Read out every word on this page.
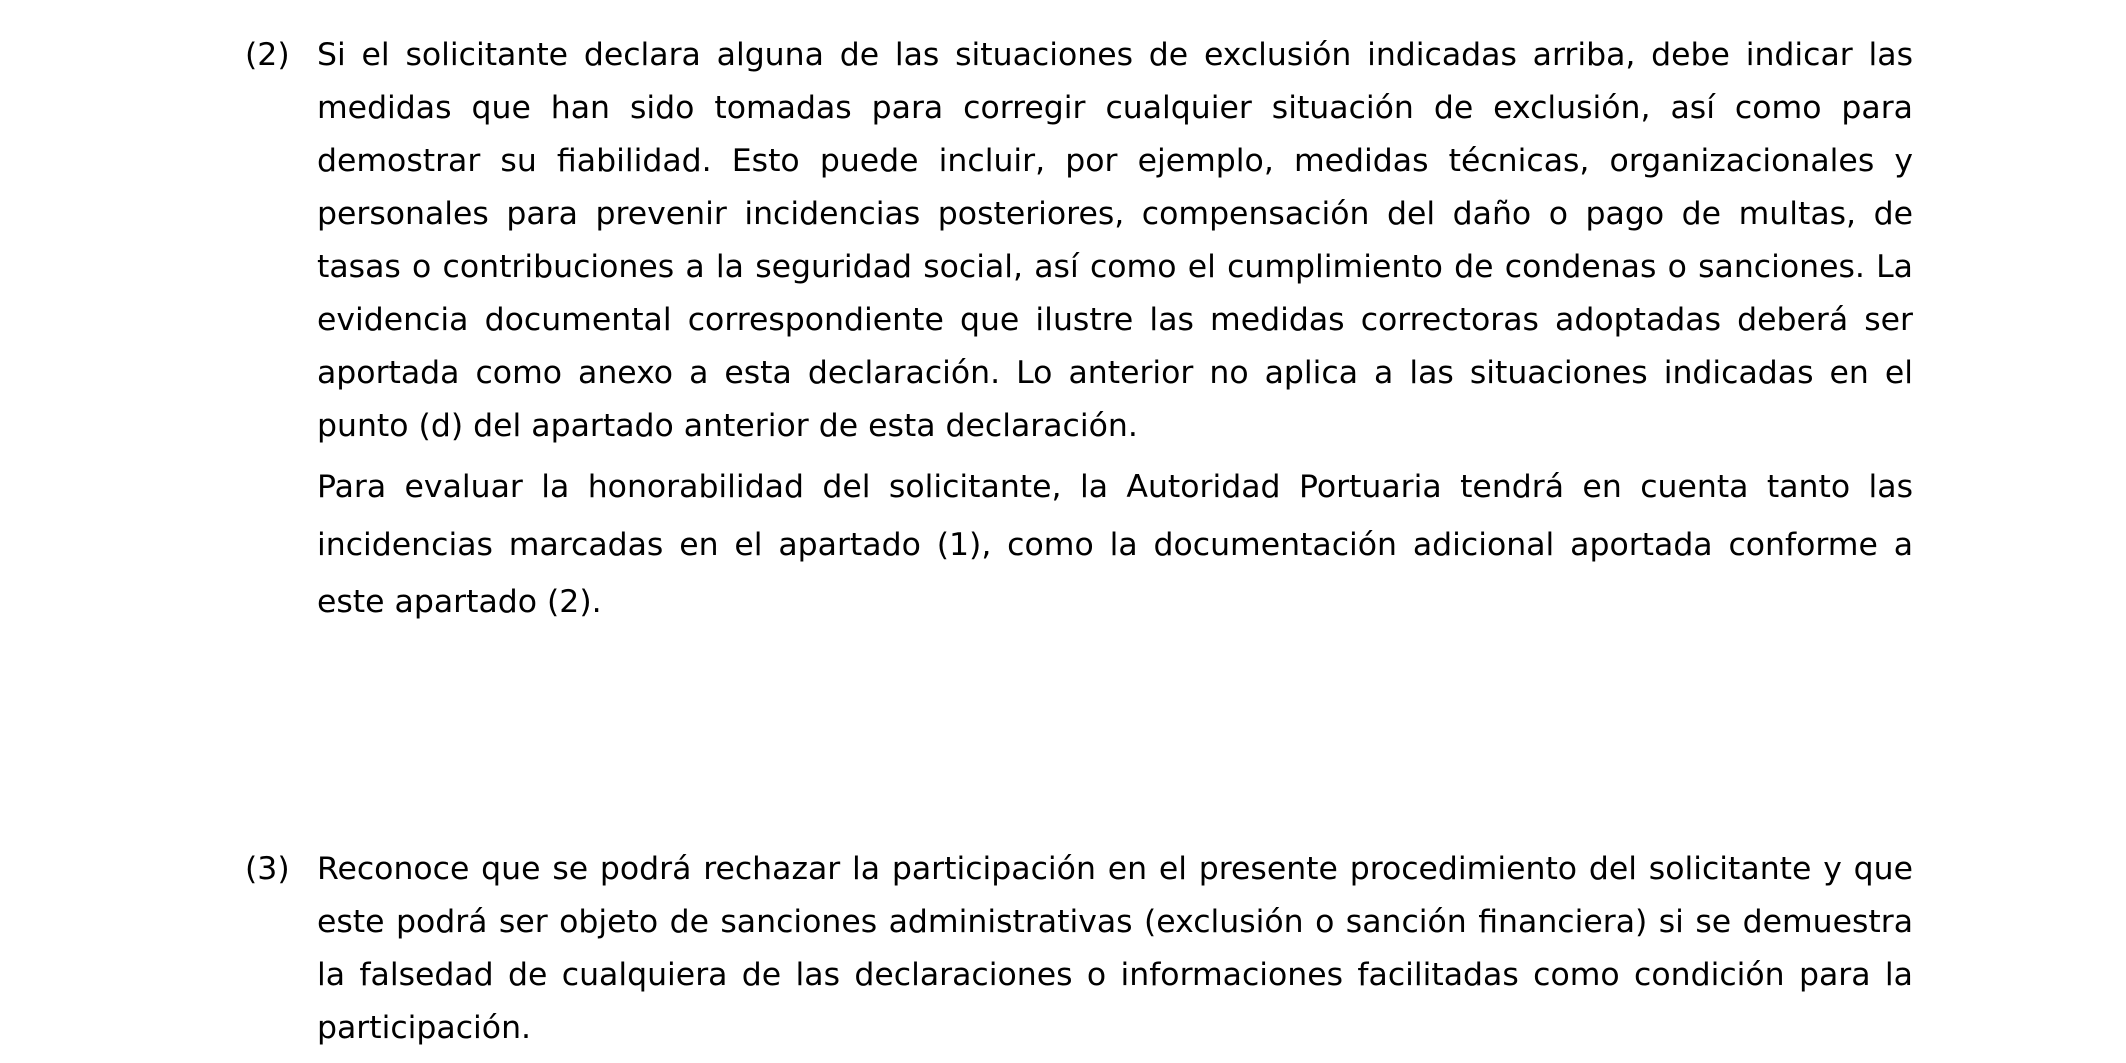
(2) Si el solicitante declara alguna de las situaciones de exclusión indicadas arriba, debe indicar las medidas que han sido tomadas para corregir cualquier situación de exclusión, así como para demostrar su fiabilidad. Esto puede incluir, por ejemplo, medidas técnicas, organizacionales y personales para prevenir incidencias posteriores, compensación del daño o pago de multas, de tasas o contribuciones a la seguridad social, así como el cumplimiento de condenas o sanciones. La evidencia documental correspondiente que ilustre las medidas correctoras adoptadas deberá ser aportada como anexo a esta declaración. Lo anterior no aplica a las situaciones indicadas en el punto (d) del apartado anterior de esta declaración.

Para evaluar la honorabilidad del solicitante, la Autoridad Portuaria tendrá en cuenta tanto las incidencias marcadas en el apartado (1), como la documentación adicional aportada conforme a este apartado (2).

(3) Reconoce que se podrá rechazar la participación en el presente procedimiento del solicitante y que este podrá ser objeto de sanciones administrativas (exclusión o sanción financiera) si se demuestra la falsedad de cualquiera de las declaraciones o informaciones facilitadas como condición para la participación.
